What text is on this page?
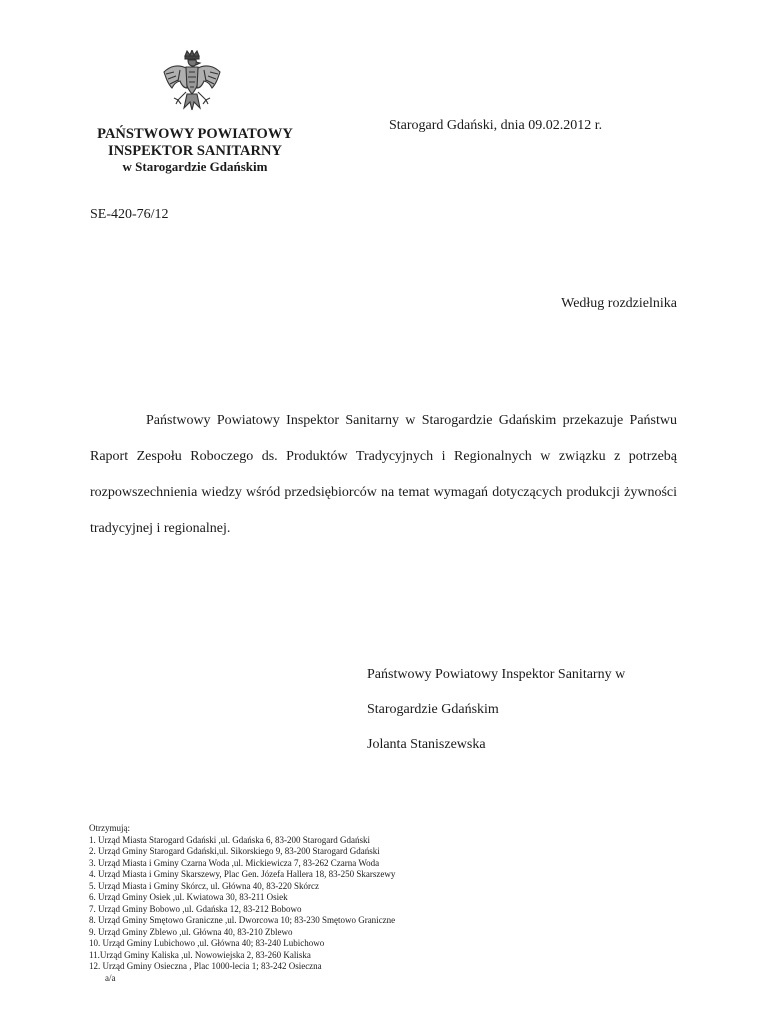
PAŃSTWOWY POWIATOWY
INSPEKTOR SANITARNY
w Starogardzie Gdańskim
Starogard Gdański, dnia 09.02.2012 r.
SE-420-76/12
Według rozdzielnika

Państwowy Powiatowy Inspektor Sanitarny w Starogardzie Gdańskim przekazuje Państwu Raport Zespołu Roboczego ds. Produktów Tradycyjnych i Regionalnych w związku z potrzebą rozpowszechnienia wiedzy wśród przedsiębiorców na temat wymagań dotyczących produkcji żywności tradycyjnej i regionalnej.

Państwowy Powiatowy Inspektor Sanitarny w
Starogardzie Gdańskim
Jolanta Staniszewska
Otrzymują:
1. Urząd Miasta Starogard Gdański ,ul. Gdańska 6, 83-200 Starogard Gdański
2. Urząd Gminy Starogard Gdański,ul. Sikorskiego 9, 83-200 Starogard Gdański
3. Urząd Miasta i Gminy Czarna Woda ,ul. Mickiewicza 7, 83-262 Czarna Woda
4. Urząd Miasta i Gminy Skarszewy, Plac Gen. Józefa Hallera 18, 83-250 Skarszewy
5. Urząd Miasta i Gminy Skórcz, ul. Główna 40, 83-220 Skórcz
6. Urząd Gminy Osiek ,ul. Kwiatowa 30, 83-211 Osiek
7. Urząd Gminy Bobowo ,ul. Gdańska 12, 83-212 Bobowo
8. Urząd Gminy Smętowo Graniczne ,ul. Dworcowa 10; 83-230 Smętowo Graniczne
9. Urząd Gminy Zblewo ,ul. Główna 40, 83-210 Zblewo
10. Urząd Gminy Lubichowo ,ul. Główna 40; 83-240 Lubichowo
11.Urząd Gminy Kaliska ,ul. Nowowiejska 2, 83-260 Kaliska
12. Urząd Gminy Osieczna , Plac 1000-lecia 1; 83-242 Osieczna
a/a
